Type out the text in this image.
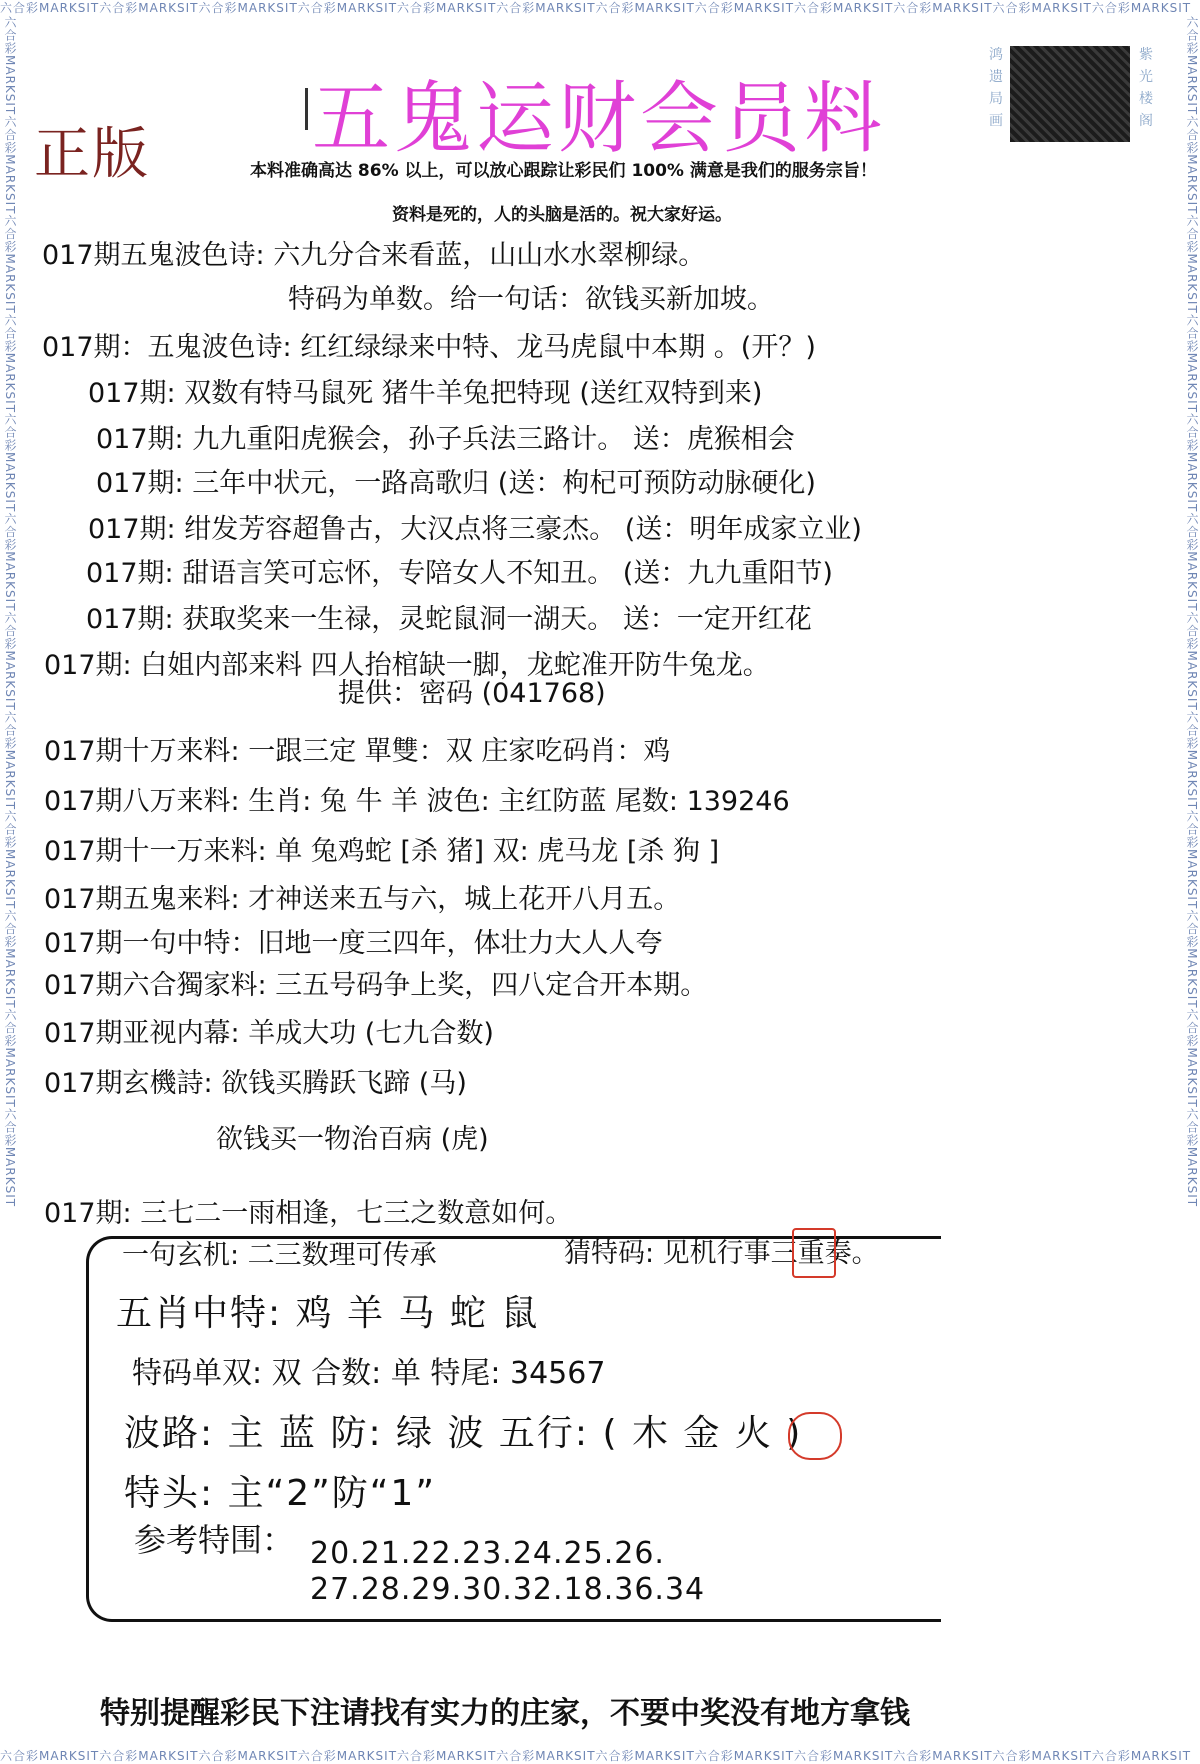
六合彩MARKSIT六合彩MARKSIT六合彩MARKSIT六合彩MARKSIT六合彩MARKSIT六合彩MARKSIT六合彩MARKSIT六合彩MARKSIT六合彩MARKSIT六合彩MARKSIT六合彩MARKSIT六合彩MARKSIT
六合彩MARKSIT六合彩MARKSIT六合彩MARKSIT六合彩MARKSIT六合彩MARKSIT六合彩MARKSIT六合彩MARKSIT六合彩MARKSIT六合彩MARKSIT六合彩MARKSIT六合彩MARKSIT六合彩MARKSIT
六合彩MARKSIT六合彩MARKSIT六合彩MARKSIT六合彩MARKSIT六合彩MARKSIT六合彩MARKSIT六合彩MARKSIT六合彩MARKSIT六合彩MARKSIT六合彩MARKSIT六合彩MARKSIT六合彩MARKSIT	六合彩MARKSIT六合彩MARKSIT六合彩MARKSIT六合彩MARKSIT六合彩MARKSIT六合彩MARKSIT六合彩MARKSIT六合彩MARKSIT六合彩MARKSIT六合彩MARKSIT六合彩MARKSIT六合彩MARKSIT
正版 五鬼运财会员料
鸿遗局画
紫光楼阁
本料准确高达 86% 以上，可以放心跟踪让彩民们 100% 满意是我们的服务宗旨！
资料是死的，人的头脑是活的。祝大家好运。
017期五鬼波色诗: 六九分合来看蓝，山山水水翠柳绿。
特码为单数。给一句话：欲钱买新加坡。
017期：五鬼波色诗: 红红绿绿来中特、龙马虎鼠中本期 。(开？)
017期: 双数有特马鼠死 猪牛羊兔把特现 (送红双特到来)
017期: 九九重阳虎猴会，孙子兵法三路计。 送：虎猴相会
017期: 三年中状元，一路高歌归 (送：枸杞可预防动脉硬化)
017期: 绀发芳容超鲁古，大汉点将三豪杰。 (送：明年成家立业)
017期: 甜语言笑可忘怀，专陪女人不知丑。 (送：九九重阳节)
017期: 获取奖来一生禄，灵蛇鼠洞一湖天。 送：一定开红花
017期: 白姐内部来料 四人抬棺缺一脚，龙蛇准开防牛兔龙。
提供：密码 (041768)
017期十万来料: 一跟三定 單雙：双 庄家吃码肖：鸡
017期八万来料: 生肖: 兔 牛 羊 波色: 主红防蓝 尾数: 139246
017期十一万来料: 单 兔鸡蛇 [杀 猪] 双: 虎马龙 [杀 狗 ]
017期五鬼来料: 才神送来五与六，城上花开八月五。
017期一句中特：旧地一度三四年，体壮力大人人夸
017期六合獨家料: 三五号码争上奖，四八定合开本期。
017期亚视内幕: 羊成大功 (七九合数)
017期玄機詩: 欲钱买腾跃飞蹄 (马)
欲钱买一物治百病 (虎)
017期: 三七二一雨相逢，七三之数意如何。
一句玄机: 二三数理可传承	猜特码: 见机行事三重奏。
五肖中特: 鸡 羊 马 蛇 鼠
特码单双: 双 合数: 单 特尾: 34567
波路: 主 蓝 防: 绿 波 五行: ( 木 金 火 )
特头: 主“2”防“1”
参考特围： 20.21.22.23.24.25.26.
27.28.29.30.32.18.36.34
特别提醒彩民下注请找有实力的庄家，不要中奖没有地方拿钱
